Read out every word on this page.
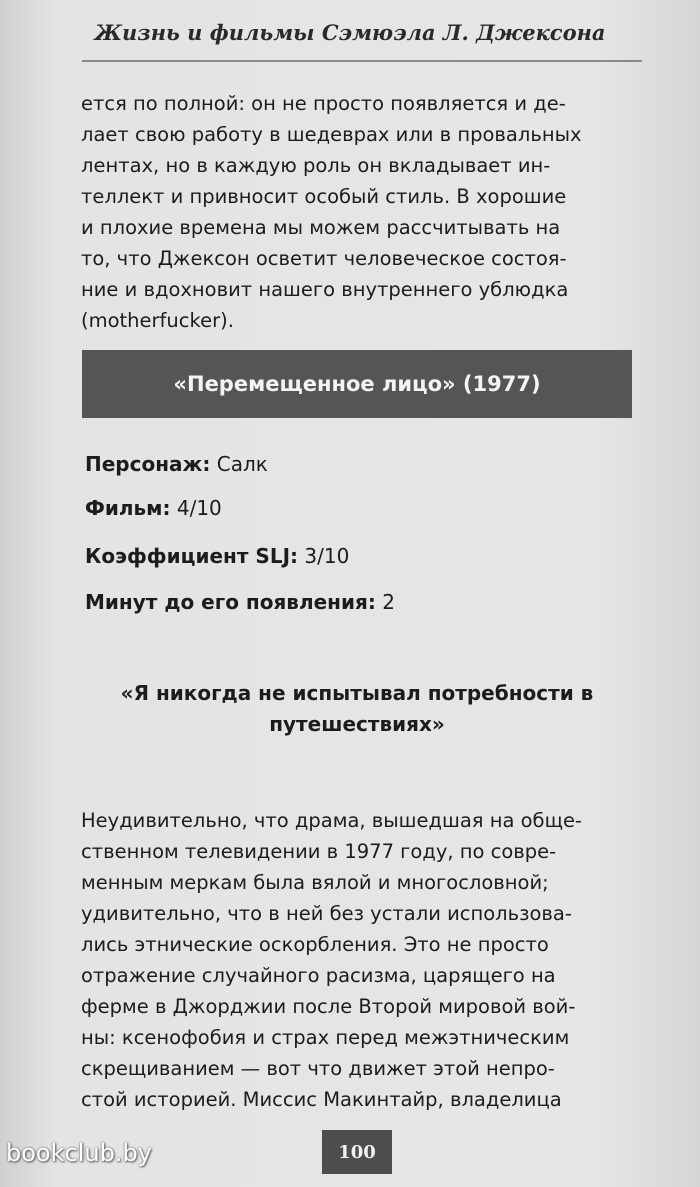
Жизнь и фильмы Сэмюэла Л. Джексона
ется по полной: он не просто появляется и де-
лает свою работу в шедеврах или в провальных
лентах, но в каждую роль он вкладывает ин-
теллект и привносит особый стиль. В хорошие
и плохие времена мы можем рассчитывать на
то, что Джексон осветит человеческое состоя-
ние и вдохновит нашего внутреннего ублюдка
(motherfucker).
«Перемещенное лицо» (1977)
Персонаж: Салк
Фильм: 4/10
Коэффициент SLJ: 3/10
Минут до его появления: 2
«Я никогда не испытывал потребности в
путешествиях»
Неудивительно, что драма, вышедшая на обще-
ственном телевидении в 1977 году, по совре-
менным меркам была вялой и многословной;
удивительно, что в ней без устали использова-
лись этнические оскорбления. Это не просто
отражение случайного расизма, царящего на
ферме в Джорджии после Второй мировой вой-
ны: ксенофобия и страх перед межэтническим
скрещиванием — вот что движет этой непро-
стой историей. Миссис Макинтайр, владелица
100
bookclub.by
